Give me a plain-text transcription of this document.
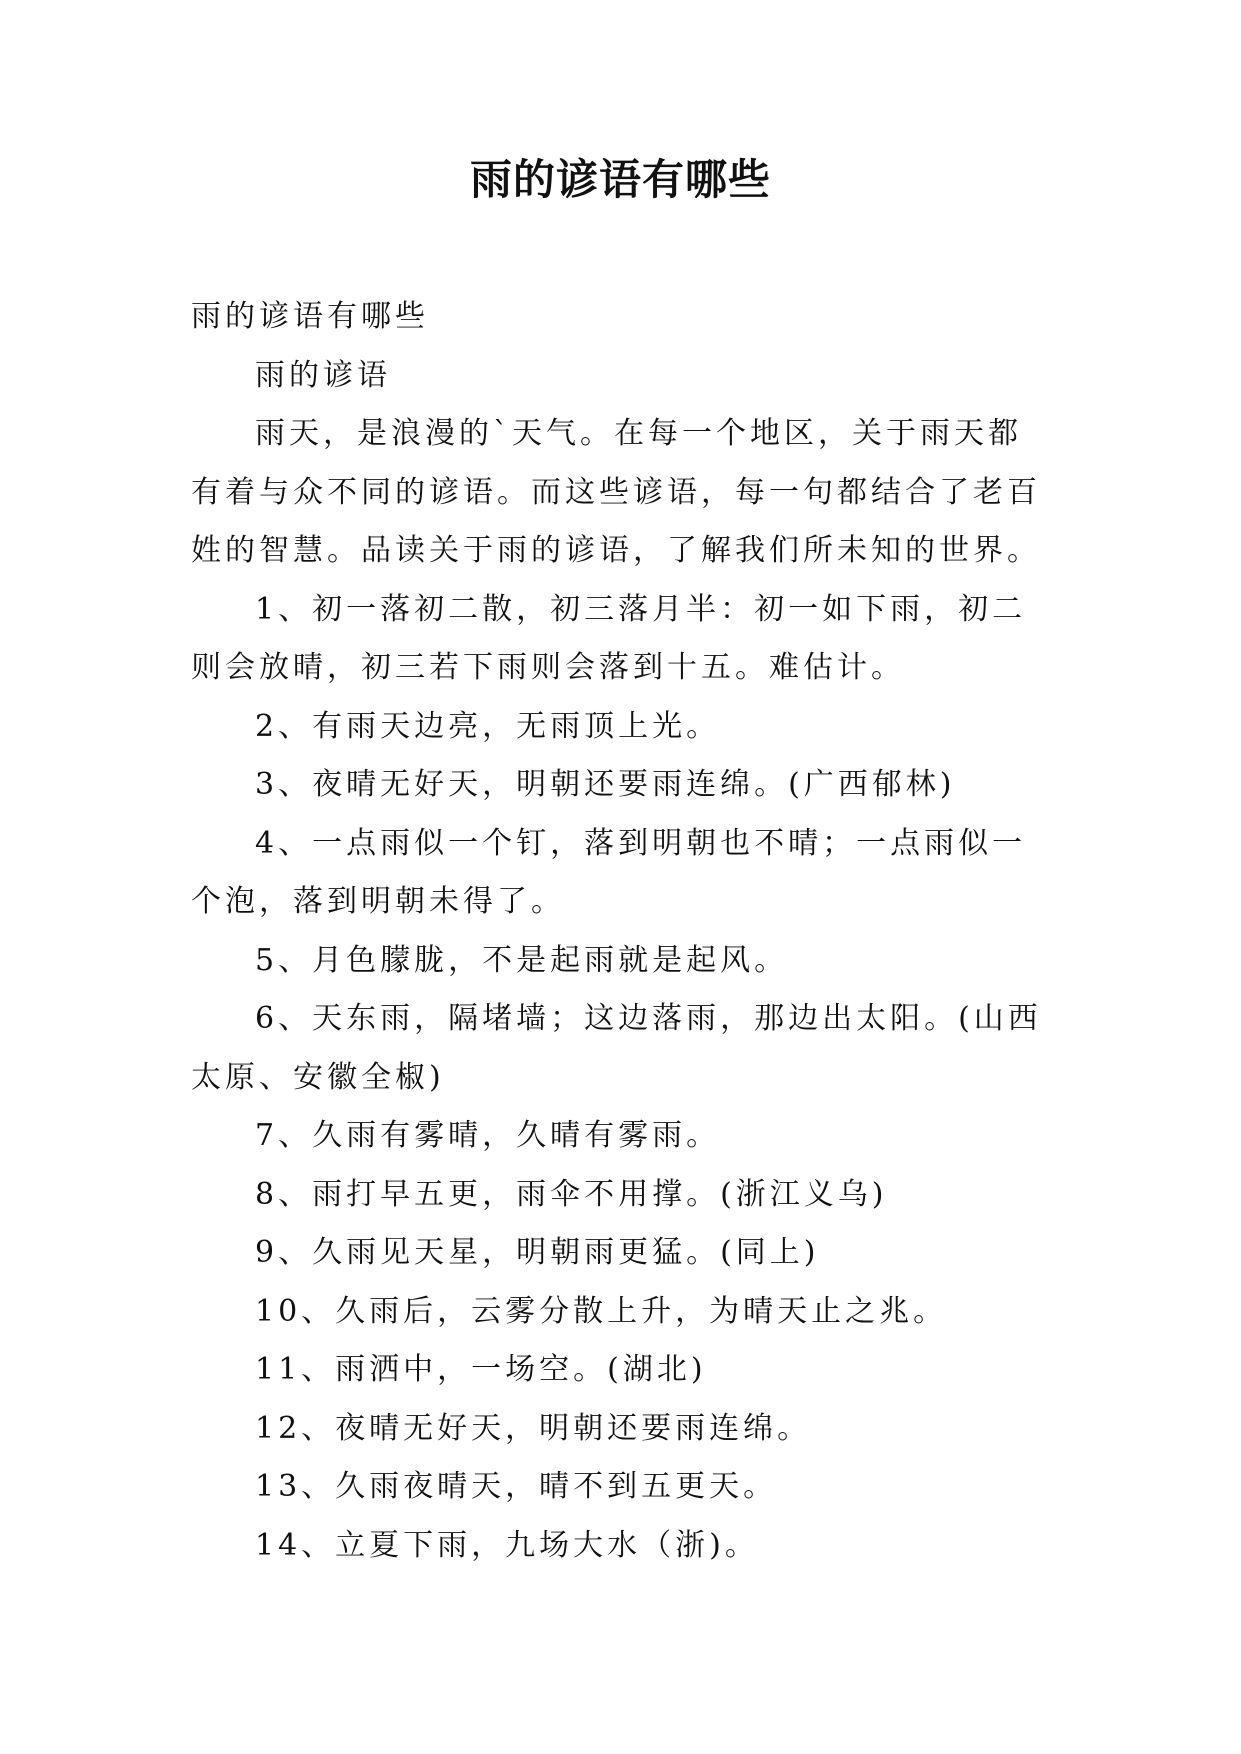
雨的谚语有哪些

雨的谚语有哪些

雨的谚语

雨天，是浪漫的`天气。在每一个地区，关于雨天都有着与众不同的谚语。而这些谚语，每一句都结合了老百姓的智慧。品读关于雨的谚语，了解我们所未知的世界。

1、初一落初二散，初三落月半：初一如下雨，初二则会放晴，初三若下雨则会落到十五。难估计。

2、有雨天边亮，无雨顶上光。

3、夜晴无好天，明朝还要雨连绵。(广西郁林)

4、一点雨似一个钉，落到明朝也不晴；一点雨似一个泡，落到明朝未得了。

5、月色朦胧，不是起雨就是起风。

6、天东雨，隔堵墙；这边落雨，那边出太阳。(山西太原、安徽全椒)

7、久雨有雾晴，久晴有雾雨。

8、雨打早五更，雨伞不用撑。(浙江义乌)

9、久雨见天星，明朝雨更猛。(同上)

10、久雨后，云雾分散上升，为晴天止之兆。

11、雨洒中，一场空。(湖北)

12、夜晴无好天，明朝还要雨连绵。

13、久雨夜晴天，晴不到五更天。

14、立夏下雨，九场大水（浙)。
